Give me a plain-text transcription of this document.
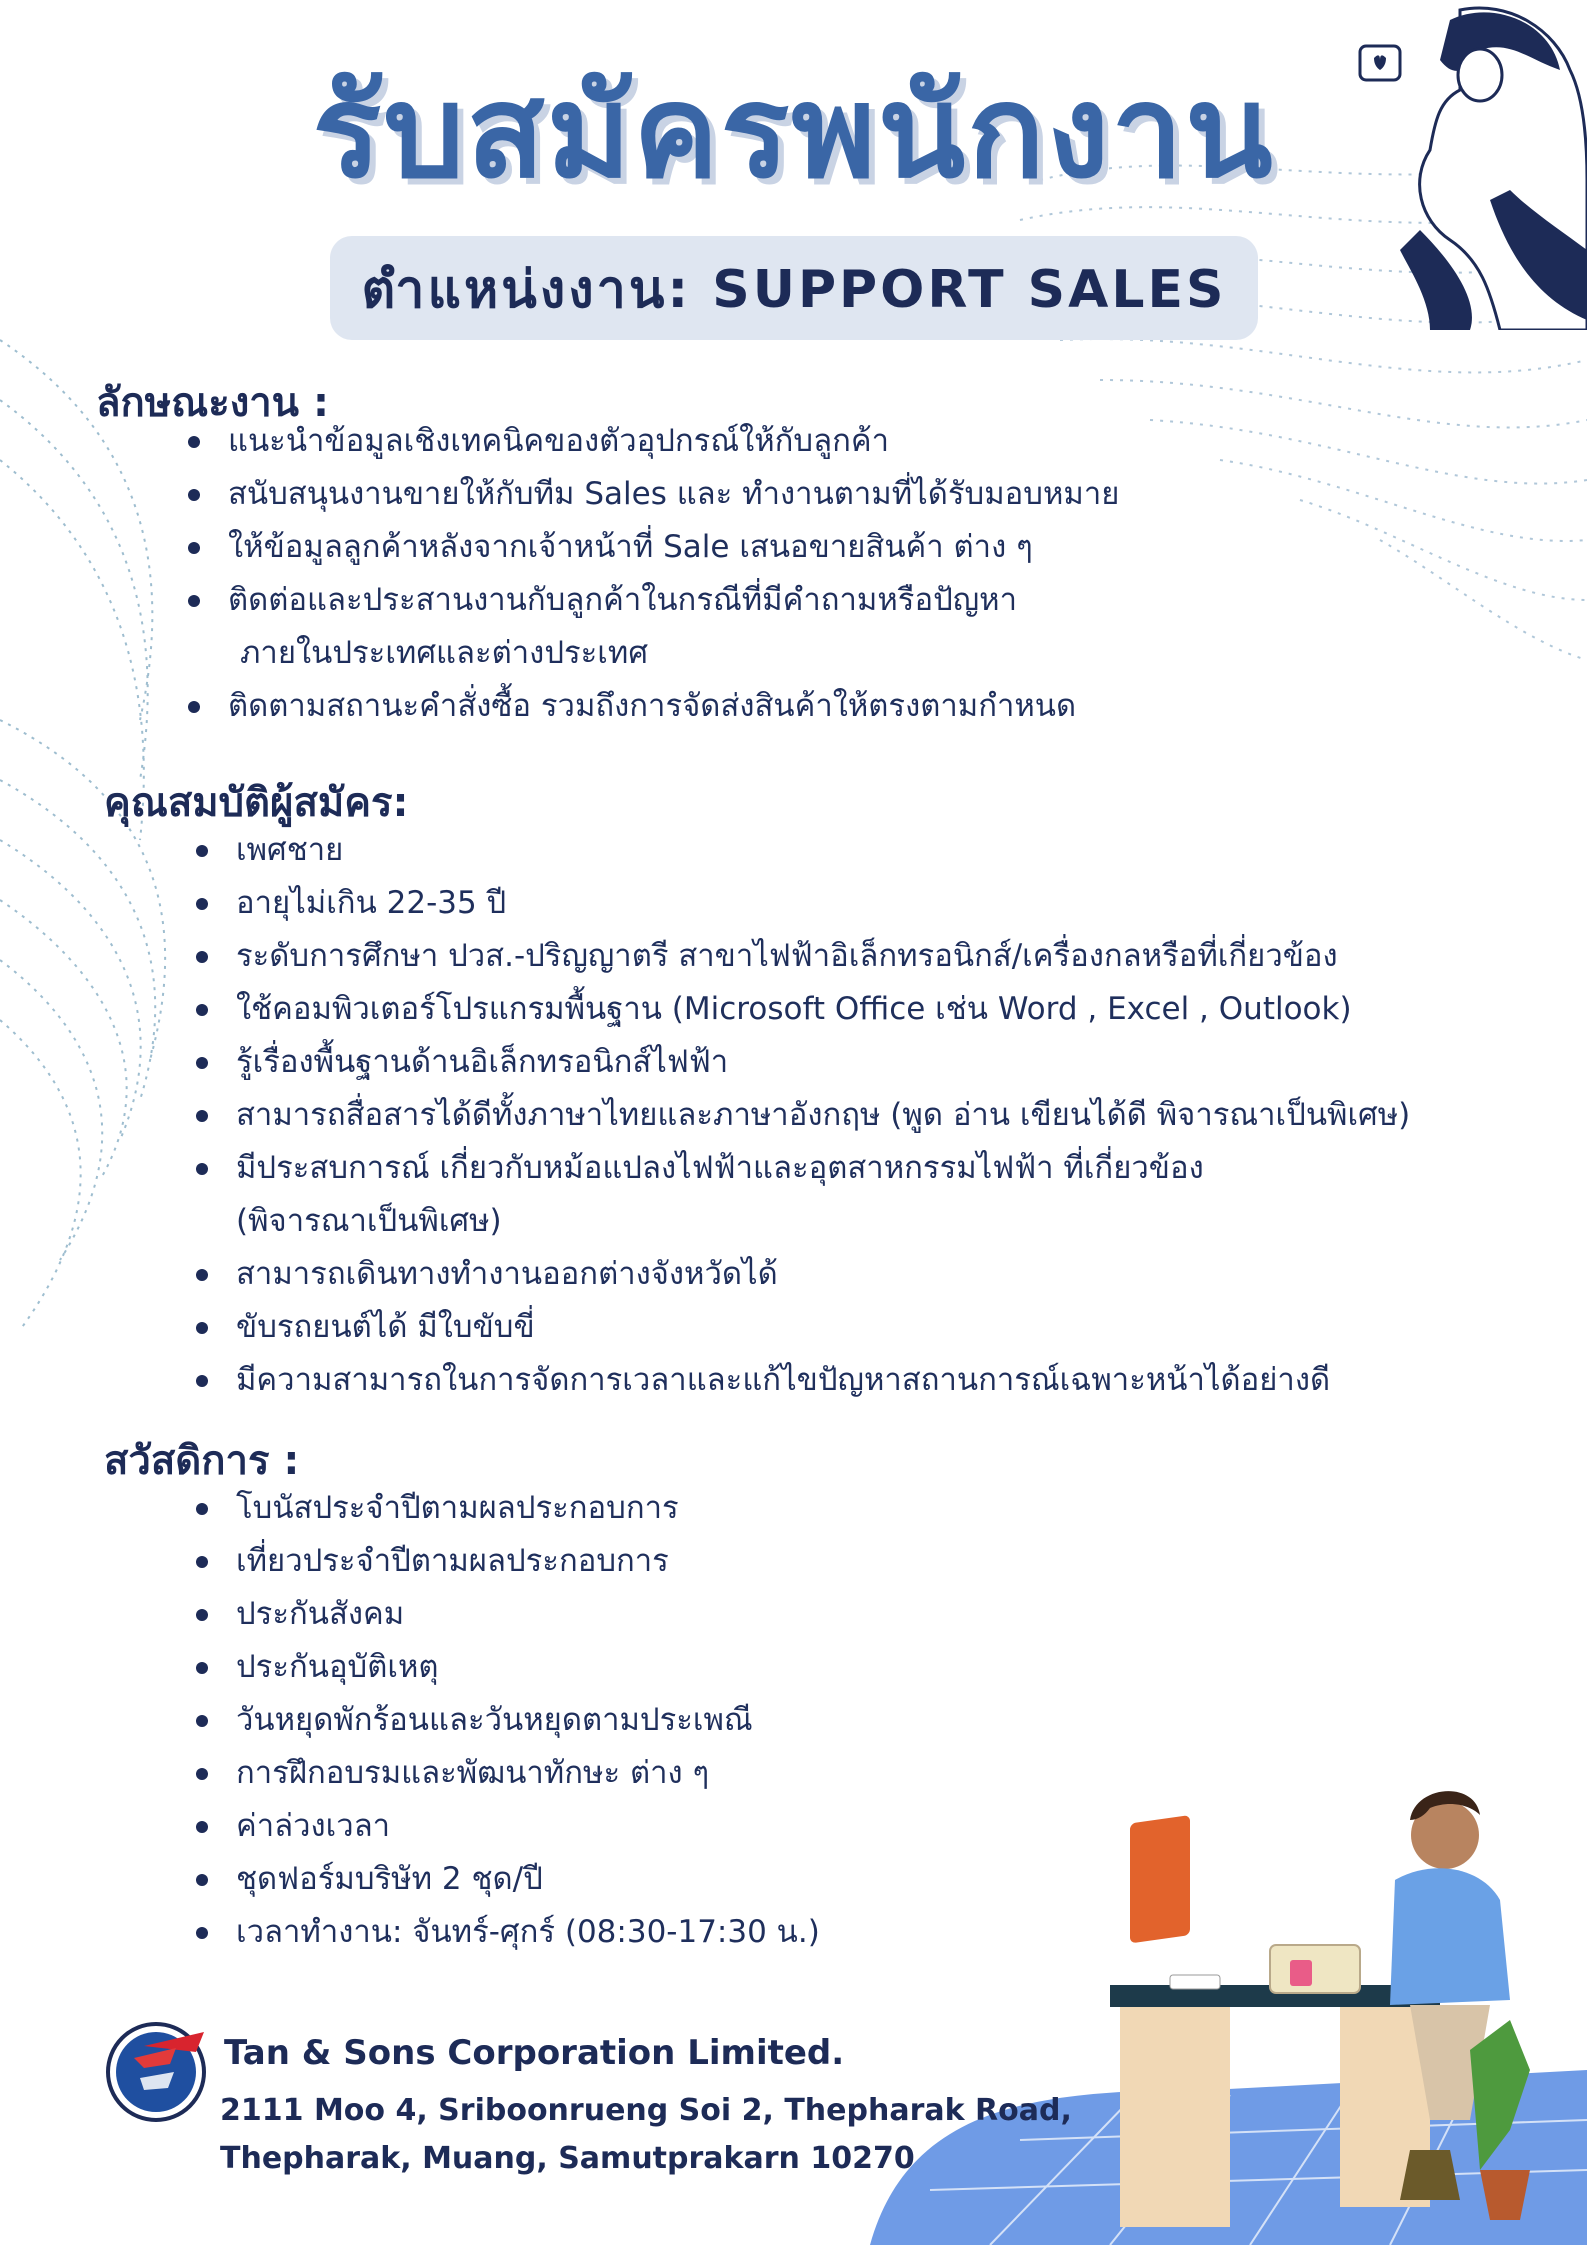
รับสมัครพนักงาน
ตำแหน่งงาน: SUPPORT SALES
ลักษณะงาน :
แนะนำข้อมูลเชิงเทคนิคของตัวอุปกรณ์ให้กับลูกค้า
สนับสนุนงานขายให้กับทีม Sales และ ทำงานตามที่ได้รับมอบหมาย
ให้ข้อมูลลูกค้าหลังจากเจ้าหน้าที่ Sale เสนอขายสินค้า ต่าง ๆ
ติดต่อและประสานงานกับลูกค้าในกรณีที่มีคำถามหรือปัญหา
ภายในประเทศและต่างประเทศ
ติดตามสถานะคำสั่งซื้อ รวมถึงการจัดส่งสินค้าให้ตรงตามกำหนด
คุณสมบัติผู้สมัคร:
เพศชาย
อายุไม่เกิน 22-35 ปี
ระดับการศึกษา ปวส.-ปริญญาตรี สาขาไฟฟ้าอิเล็กทรอนิกส์/เครื่องกลหรือที่เกี่ยวข้อง
ใช้คอมพิวเตอร์โปรแกรมพื้นฐาน (Microsoft Office เช่น Word , Excel , Outlook)
รู้เรื่องพื้นฐานด้านอิเล็กทรอนิกส์ไฟฟ้า
สามารถสื่อสารได้ดีทั้งภาษาไทยและภาษาอังกฤษ (พูด อ่าน เขียนได้ดี พิจารณาเป็นพิเศษ)
มีประสบการณ์ เกี่ยวกับหม้อแปลงไฟฟ้าและอุตสาหกรรมไฟฟ้า ที่เกี่ยวข้อง
(พิจารณาเป็นพิเศษ)
สามารถเดินทางทำงานออกต่างจังหวัดได้
ขับรถยนต์ได้ มีใบขับขี่
มีความสามารถในการจัดการเวลาและแก้ไขปัญหาสถานการณ์เฉพาะหน้าได้อย่างดี
สวัสดิการ :
โบนัสประจำปีตามผลประกอบการ
เที่ยวประจำปีตามผลประกอบการ
ประกันสังคม
ประกันอุบัติเหตุ
วันหยุดพักร้อนและวันหยุดตามประเพณี
การฝึกอบรมและพัฒนาทักษะ ต่าง ๆ
ค่าล่วงเวลา
ชุดฟอร์มบริษัท 2 ชุด/ปี
เวลาทำงาน: จันทร์-ศุกร์ (08:30-17:30 น.)
Tan & Sons Corporation Limited.
2111 Moo 4, Sriboonrueng Soi 2, Thepharak Road,
Thepharak, Muang, Samutprakarn 10270
